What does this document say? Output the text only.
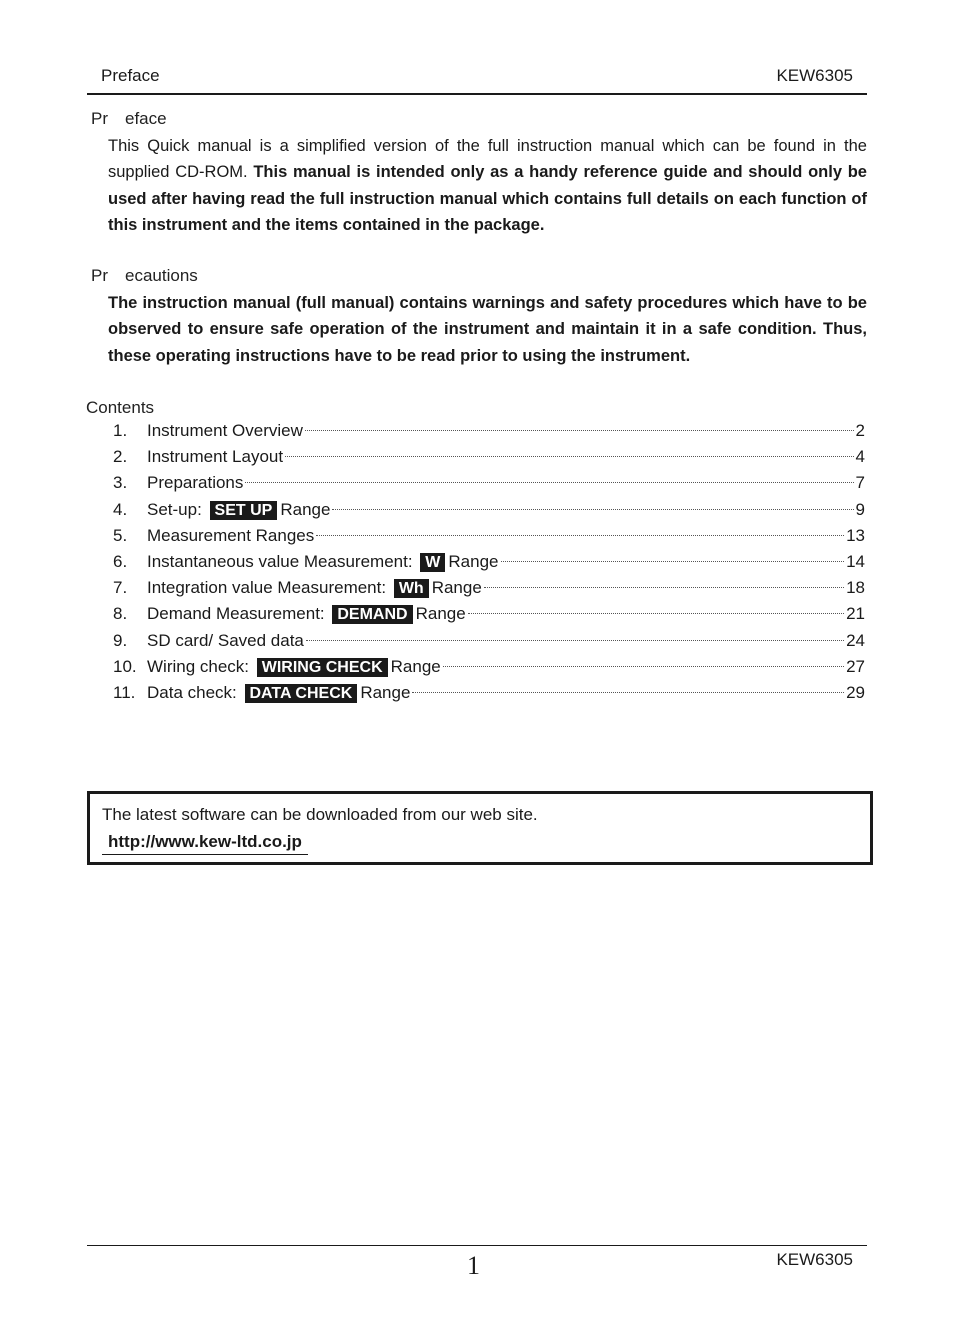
Preface	KEW6305
Pr eface
This Quick manual is a simplified version of the full instruction manual which can be found in the supplied CD-ROM. This manual is intended only as a handy reference guide and should only be used after having read the full instruction manual which contains full details on each function of this instrument and the items contained in the package.
Pr ecautions
The instruction manual (full manual) contains warnings and safety procedures which have to be observed to ensure safe operation of the instrument and maintain it in a safe condition. Thus, these operating instructions have to be read prior to using the instrument.
Contents
1.	Instrument Overview	2
2.	Instrument Layout	4
3.	Preparations	7
4.	Set-up: SET UP Range	9
5.	Measurement Ranges	13
6.	Instantaneous value Measurement: W Range	14
7.	Integration value Measurement: Wh Range	18
8.	Demand Measurement: DEMAND Range	21
9.	SD card/ Saved data	24
10. Wiring check: WIRING CHECK Range	27
11. Data check: DATA CHECK Range	29
The latest software can be downloaded from our web site.
http://www.kew-ltd.co.jp
1	KEW6305
